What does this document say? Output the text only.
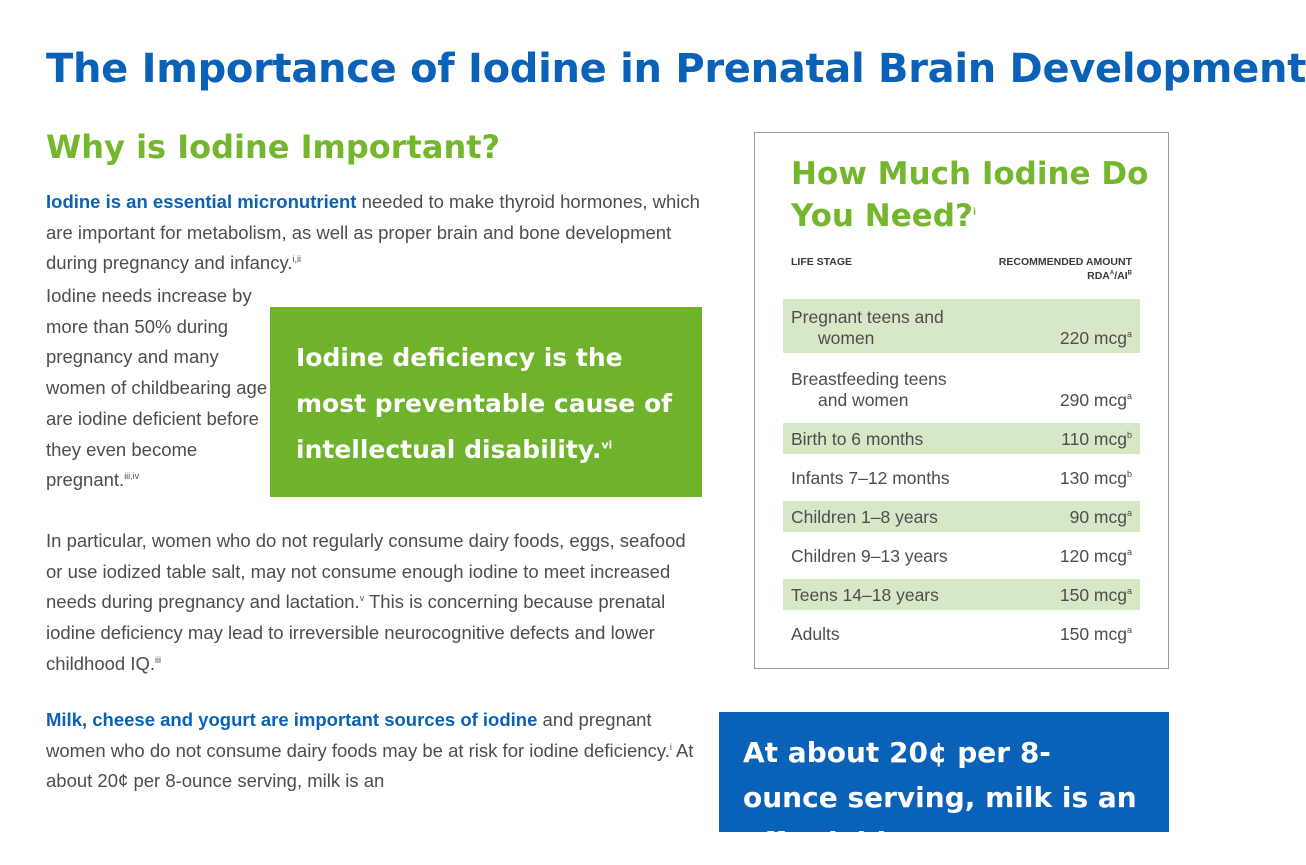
The Importance of Iodine in Prenatal Brain Development
Why is Iodine Important?

Iodine is an essential micronutrient needed to make thyroid hormones, which are important for metabolism, as well as proper brain and bone development during pregnancy and infancy.$^{i,ii}$

Iodine needs increase by more than 50% during pregnancy and many women of childbearing age are iodine deficient before they even become pregnant.$^{iii,iv}$

Iodine deficiency is the most preventable cause of intellectual disability.$^{vi}$

In particular, women who do not regularly consume dairy foods, eggs, seafood or use iodized table salt, may not consume enough iodine to meet increased needs during pregnancy and lactation.$^v$ This is concerning because prenatal iodine deficiency may lead to irreversible neurocognitive defects and lower childhood IQ.$^{iii}$

Milk, cheese and yogurt are important sources of iodine and pregnant women who do not consume dairy foods may be at risk for iodine deficiency.$^i$ At about 20¢ per 8-ounce serving, milk is an

How Much Iodine Do You Need?$^i$
LIFE STAGE	RECOMMENDED AMOUNT
$RDA^A/AI^B$
Pregnant teens and
women	220 mcg$^a$
Breastfeeding teens
and women	290 mcg$^a$
Birth to 6 months	110 mcg$^b$
Infants 7–12 months	130 mcg$^b$
Children 1–8 years	90 mcg$^a$
Children 9–13 years	120 mcg$^a$
Teens 14–18 years	150 mcg$^a$
Adults	150 mcg$^a$
At about 20¢ per 8-ounce serving, milk is an affordable
